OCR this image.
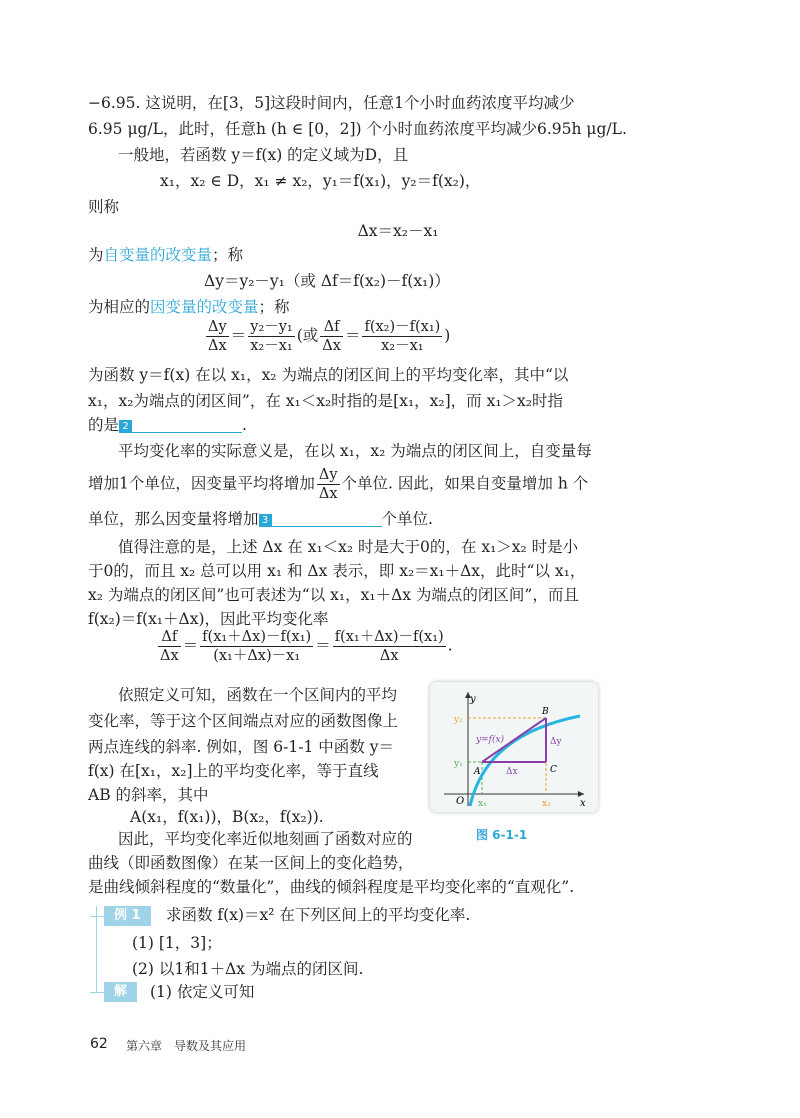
−6.95. 这说明，在[3，5]这段时间内，任意1个小时血药浓度平均减少
6.95 μg/L，此时，任意h (h ∈ [0，2]) 个小时血药浓度平均减少6.95h μg/L.
一般地，若函数 y＝f(x) 的定义域为D，且
x₁，x₂ ∈ D，x₁ ≠ x₂，y₁＝f(x₁)，y₂＝f(x₂)，
则称
Δx＝x₂－x₁
为自变量的改变量；称
Δy＝y₂－y₁（或 Δf＝f(x₂)－f(x₁)）
为相应的因变量的改变量；称
$\frac{\Delta y}{\Delta x} = \frac{\text{y₂－y₁}}{\text{x₂－x₁}}$ (或 $\frac{\Delta f}{\Delta x} = \frac{\text{f(x₂)－f(x₁)}}{\text{x₂－x₁}}$ )
为函数 y＝f(x) 在以 x₁，x₂ 为端点的闭区间上的平均变化率，其中“以
x₁，x₂为端点的闭区间”，在 x₁＜x₂时指的是[x₁，x₂]，而 x₁＞x₂时指
的是 2	.
平均变化率的实际意义是，在以 x₁，x₂ 为端点的闭区间上，自变量每
增加1个单位，因变量平均将增加 $\frac{\Delta y}{\Delta x}$ 个单位. 因此，如果自变量增加 h 个
单位，那么因变量将增加 3	个单位.
值得注意的是，上述 Δx 在 x₁＜x₂ 时是大于0的，在 x₁＞x₂ 时是小
于0的，而且 x₂ 总可以用 x₁ 和 Δx 表示，即 x₂＝x₁＋Δx，此时“以 x₁，
x₂ 为端点的闭区间”也可表述为“以 x₁，x₁＋Δx 为端点的闭区间”，而且
f(x₂)＝f(x₁＋Δx)，因此平均变化率
$\frac{\Delta f}{\Delta x} = \frac{\text{f(x₁＋Δx)－f(x₁)}}{\text{(x₁＋Δx)－x₁}} = \frac{\text{f(x₁＋Δx)－f(x₁)}}{\Delta x}$ .
依照定义可知，函数在一个区间内的平均
变化率，等于这个区间端点对应的函数图像上
两点连线的斜率. 例如，图 6-1-1 中函数 y＝
f(x) 在[x₁，x₂]上的平均变化率，等于直线
AB 的斜率，其中
A(x₁，f(x₁))，B(x₂，f(x₂)).
因此，平均变化率近似地刻画了函数对应的
曲线（即函数图像）在某一区间上的变化趋势，
是曲线倾斜程度的“数量化”，曲线的倾斜程度是平均变化率的“直观化”.
y
x
O x₁	x₂
y₁
y₂
A
B
C
y=f(x)
Δx
Δy
图 6-1-1
例 1	求函数 f(x)＝x² 在下列区间上的平均变化率.
(1) [1，3]；
(2) 以1和1＋Δx 为端点的闭区间.
解	(1) 依定义可知
62 第六章　导数及其应用
